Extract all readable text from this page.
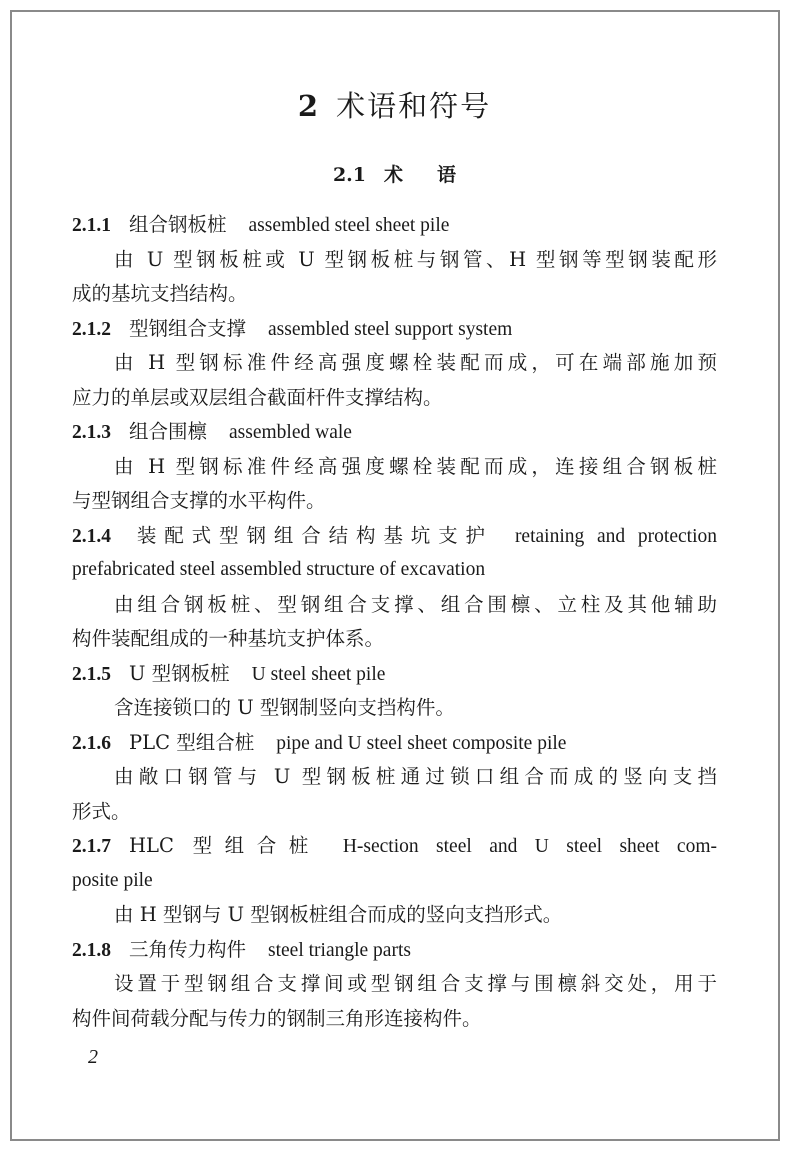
2 术语和符号
2.1 术 语
2.1.1 组合钢板桩 assembled steel sheet pile
由 U 型钢板桩或 U 型钢板桩与钢管、H 型钢等型钢装配形
成的基坑支挡结构。
2.1.2 型钢组合支撑 assembled steel support system
由 H 型钢标准件经高强度螺栓装配而成，可在端部施加预
应力的单层或双层组合截面杆件支撑结构。
2.1.3 组合围檩 assembled wale
由 H 型钢标准件经高强度螺栓装配而成，连接组合钢板桩
与型钢组合支撑的水平构件。
2.1.4 装配式型钢组合结构基坑支护 retaining and protection
prefabricated steel assembled structure of excavation
由组合钢板桩、型钢组合支撑、组合围檩、立柱及其他辅助
构件装配组成的一种基坑支护体系。
2.1.5 U 型钢板桩 U steel sheet pile
含连接锁口的 U 型钢制竖向支挡构件。
2.1.6 PLC 型组合桩 pipe and U steel sheet composite pile
由敞口钢管与 U 型钢板桩通过锁口组合而成的竖向支挡
形式。
2.1.7 HLC 型组合桩 H-section steel and U steel sheet com-
posite pile
由 H 型钢与 U 型钢板桩组合而成的竖向支挡形式。
2.1.8 三角传力构件 steel triangle parts
设置于型钢组合支撑间或型钢组合支撑与围檩斜交处，用于
构件间荷载分配与传力的钢制三角形连接构件。
2
